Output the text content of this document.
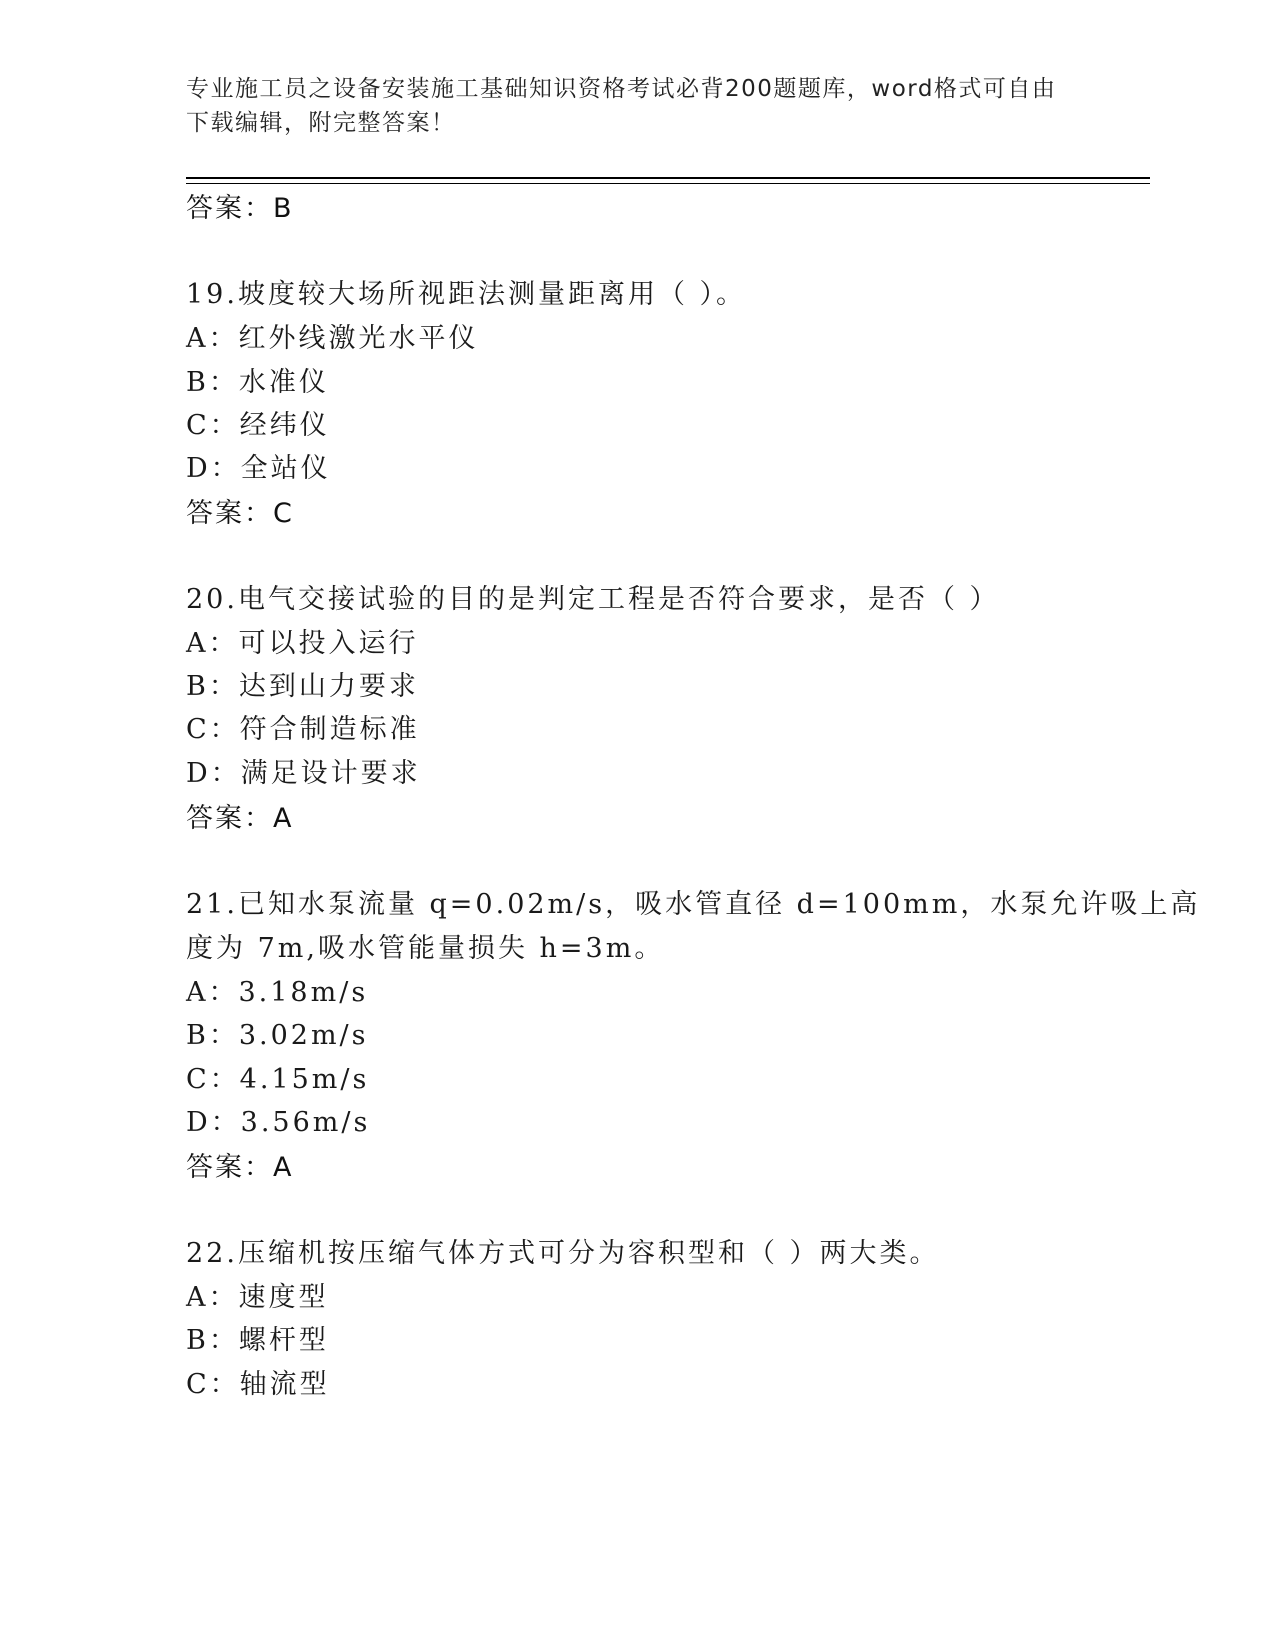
专业施工员之设备安装施工基础知识资格考试必背200题题库，word格式可自由
下载编辑，附完整答案！
答案：B
19.坡度较大场所视距法测量距离用（ ）。
A：红外线激光水平仪
B：水准仪
C：经纬仪
D：全站仪
答案：C
20.电气交接试验的目的是判定工程是否符合要求，是否（ ）
A：可以投入运行
B：达到山力要求
C：符合制造标准
D：满足设计要求
答案：A
21.已知水泵流量 q=0.02m/s，吸水管直径 d=100mm，水泵允许吸上高
度为 7m,吸水管能量损失 h=3m。
A：3.18m/s
B：3.02m/s
C：4.15m/s
D：3.56m/s
答案：A
22.压缩机按压缩气体方式可分为容积型和（ ）两大类。
A：速度型
B：螺杆型
C：轴流型
